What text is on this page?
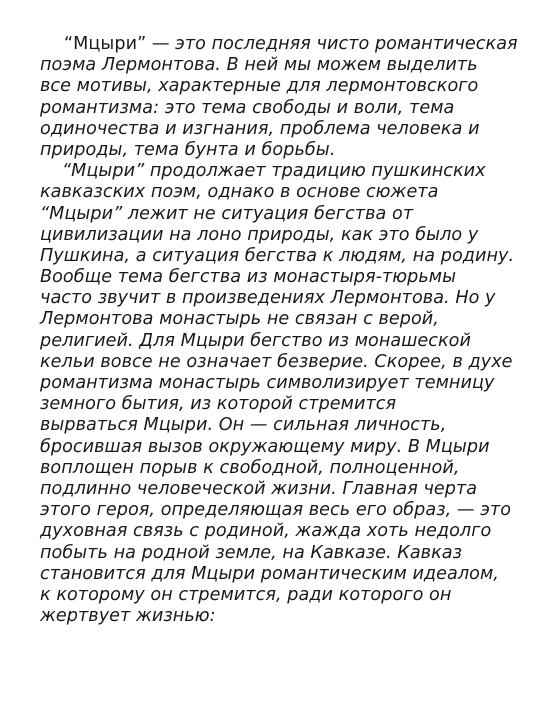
“Мцыри” — это последняя чисто романтическая
поэма Лермонтова. В ней мы можем выделить
все мотивы, характерные для лермонтовского
романтизма: это тема свободы и воли, тема
одиночества и изгнания, проблема человека и
природы, тема бунта и борьбы.
“Мцыри” продолжает традицию пушкинских
кавказских поэм, однако в основе сюжета
“Мцыри” лежит не ситуация бегства от
цивилизации на лоно природы, как это было у
Пушкина, а ситуация бегства к людям, на родину.
Вообще тема бегства из монастыря-тюрьмы
часто звучит в произведениях Лермонтова. Но у
Лермонтова монастырь не связан с верой,
религией. Для Мцыри бегство из монашеской
кельи вовсе не означает безверие. Скорее, в духе
романтизма монастырь символизирует темницу
земного бытия, из которой стремится
вырваться Мцыри. Он — сильная личность,
бросившая вызов окружающему миру. В Мцыри
воплощен порыв к свободной, полноценной,
подлинно человеческой жизни. Главная черта
этого героя, определяющая весь его образ, — это
духовная связь с родиной, жажда хоть недолго
побыть на родной земле, на Кавказе. Кавказ
становится для Мцыри романтическим идеалом,
к которому он стремится, ради которого он
жертвует жизнью:
